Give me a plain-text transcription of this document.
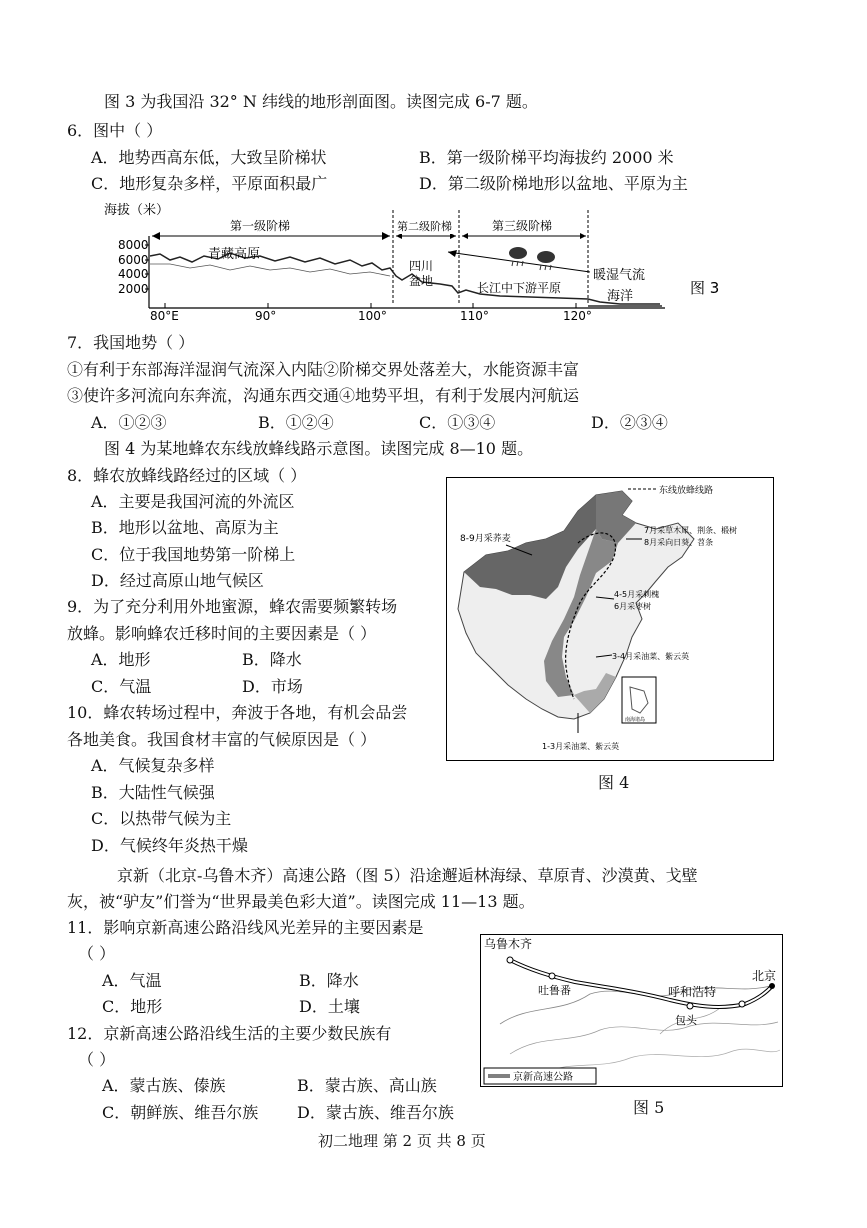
图 3 为我国沿 32° N 纬线的地形剖面图。读图完成 6-7 题。
6．图中（ ）
A．地势西高东低，大致呈阶梯状	B．第一级阶梯平均海拔约 2000 米
C．地形复杂多样，平原面积最广	D．第二级阶梯地形以盆地、平原为主
海拔（米）
8000
6000
4000
2000
80°E	90°	100°	110°	120°
第一级阶梯	第二级阶梯	第三级阶梯
青藏高原
四川
盆地	长江中下游平原
暖湿气流
海洋	图 3
7．我国地势（ ）
①有利于东部海洋湿润气流深入内陆②阶梯交界处落差大，水能资源丰富
③使许多河流向东奔流，沟通东西交通④地势平坦，有利于发展内河航运
A．①②③	B．①②④	C．①③④	D．②③④
图 4 为某地蜂农东线放蜂线路示意图。读图完成 8—10 题。
8．蜂农放蜂线路经过的区域（ ）
A．主要是我国河流的外流区
B．地形以盆地、高原为主
C．位于我国地势第一阶梯上
D．经过高原山地气候区
9．为了充分利用外地蜜源，蜂农需要频繁转场
放蜂。影响蜂农迁移时间的主要因素是（ ）
A．地形	B．降水
C．气温	D．市场
10．蜂农转场过程中，奔波于各地，有机会品尝
各地美食。我国食材丰富的气候原因是（ ）
A．气候复杂多样
B．大陆性气候强
C．以热带气候为主
D．气候终年炎热干燥
东线放蜂线路
南海诸岛
8-9月采荞麦
7月采草木犀、荆条、椴树
8月采向日葵、苕条
4-5月采刺槐
6月采枣树
3-4月采油菜、紫云英
1-3月采油菜、紫云英
图 4
京新（北京-乌鲁木齐）高速公路（图 5）沿途邂逅林海绿、草原青、沙漠黄、戈壁
灰，被“驴友”们誉为“世界最美色彩大道”。读图完成 11—13 题。
11．影响京新高速公路沿线风光差异的主要因素是
（ ）
A．气温	B．降水
C．地形	D．土壤
12．京新高速公路沿线生活的主要少数民族有
（ ）
A．蒙古族、傣族	B．蒙古族、高山族
C．朝鲜族、维吾尔族 D．蒙古族、维吾尔族
乌鲁木齐
吐鲁番	呼和浩特
包头
北京
京新高速公路
图 5
初二地理 第 2 页 共 8 页
